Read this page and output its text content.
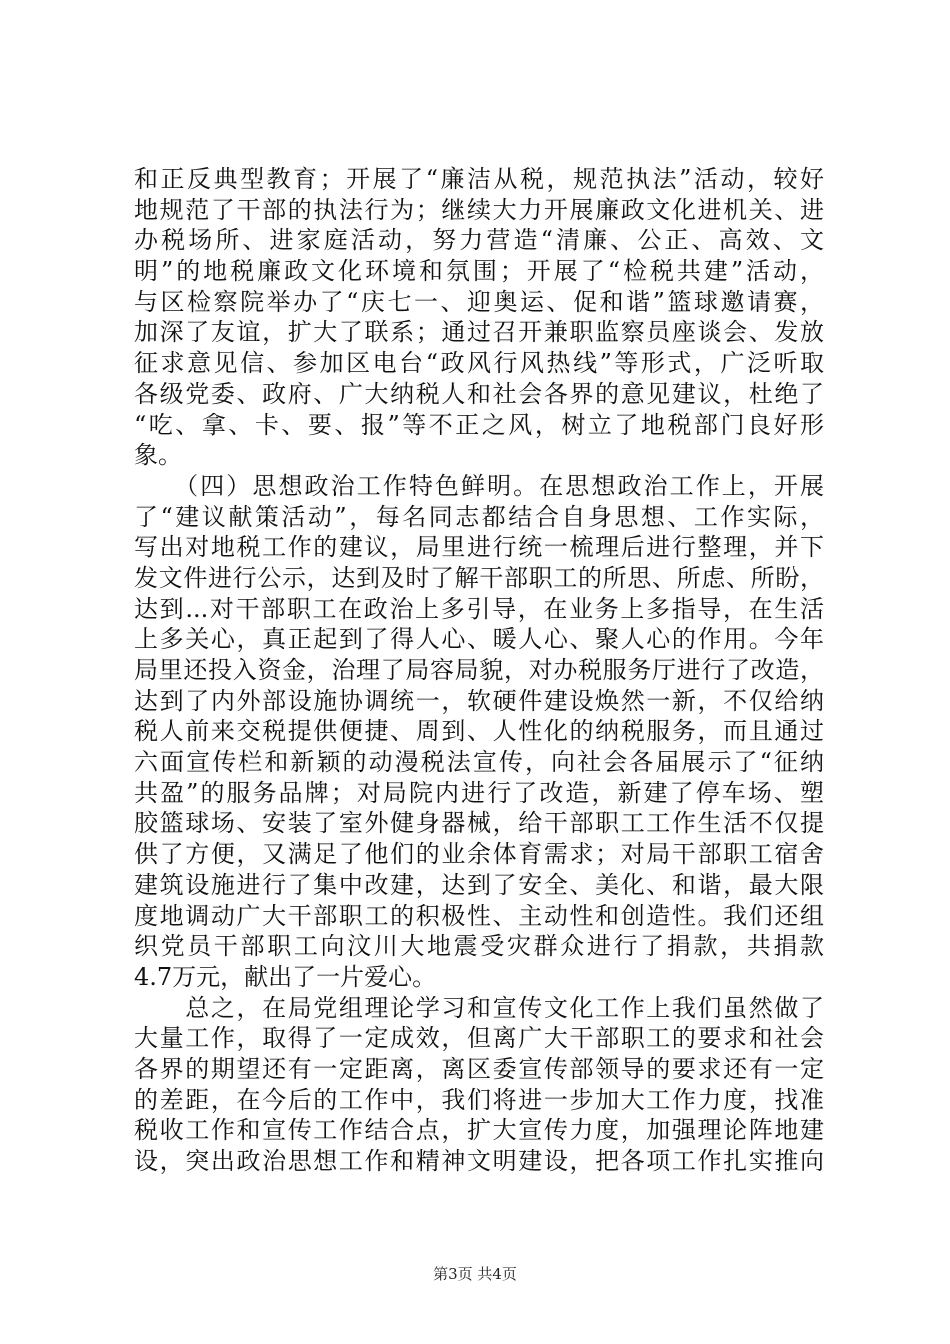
和正反典型教育；开展了“廉洁从税，规范执法”活动，较好
地规范了干部的执法行为；继续大力开展廉政文化进机关、进
办税场所、进家庭活动，努力营造“清廉、公正、高效、文
明”的地税廉政文化环境和氛围；开展了“检税共建”活动，
与区检察院举办了“庆七一、迎奥运、促和谐”篮球邀请赛，
加深了友谊，扩大了联系；通过召开兼职监察员座谈会、发放
征求意见信、参加区电台“政风行风热线”等形式，广泛听取
各级党委、政府、广大纳税人和社会各界的意见建议，杜绝了
“吃、拿、卡、要、报”等不正之风，树立了地税部门良好形
象。
　　（四）思想政治工作特色鲜明。在思想政治工作上，开展
了“建议献策活动”，每名同志都结合自身思想、工作实际，
写出对地税工作的建议，局里进行统一梳理后进行整理，并下
发文件进行公示，达到及时了解干部职工的所思、所虑、所盼，
达到...对干部职工在政治上多引导，在业务上多指导，在生活
上多关心，真正起到了得人心、暖人心、聚人心的作用。今年
局里还投入资金，治理了局容局貌，对办税服务厅进行了改造，
达到了内外部设施协调统一，软硬件建设焕然一新，不仅给纳
税人前来交税提供便捷、周到、人性化的纳税服务，而且通过
六面宣传栏和新颖的动漫税法宣传，向社会各届展示了“征纳
共盈”的服务品牌；对局院内进行了改造，新建了停车场、塑
胶篮球场、安装了室外健身器械，给干部职工工作生活不仅提
供了方便，又满足了他们的业余体育需求；对局干部职工宿舍
建筑设施进行了集中改建，达到了安全、美化、和谐，最大限
度地调动广大干部职工的积极性、主动性和创造性。我们还组
织党员干部职工向汶川大地震受灾群众进行了捐款，共捐款
4.7万元，献出了一片爱心。
　　总之，在局党组理论学习和宣传文化工作上我们虽然做了
大量工作，取得了一定成效，但离广大干部职工的要求和社会
各界的期望还有一定距离，离区委宣传部领导的要求还有一定
的差距，在今后的工作中，我们将进一步加大工作力度，找准
税收工作和宣传工作结合点，扩大宣传力度，加强理论阵地建
设，突出政治思想工作和精神文明建设，把各项工作扎实推向
第3页 共4页
